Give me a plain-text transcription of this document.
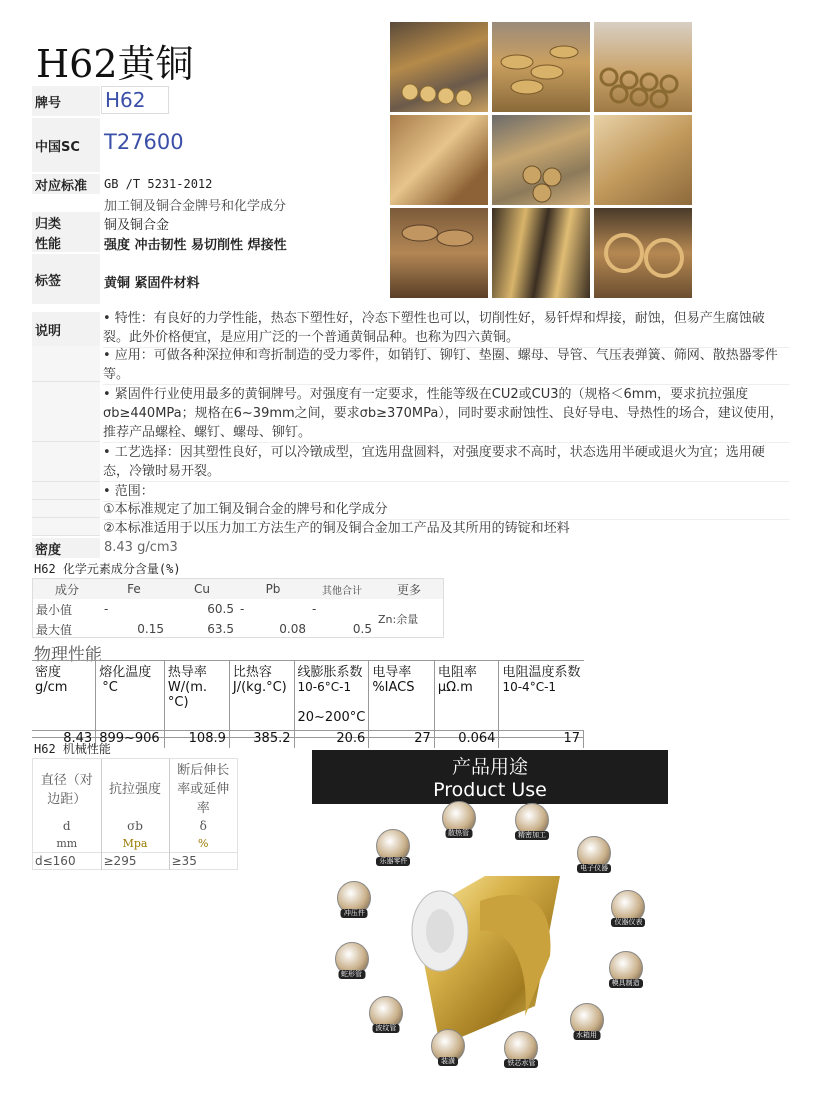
H62黄铜
牌号	H62
中国SC	T27600
对应标准	GB /T 5231-2012
加工铜及铜合金牌号和化学成分
归类	铜及铜合金
性能	强度 冲击韧性 易切削性 焊接性
标签	黄铜 紧固件材料
说明
• 特性：有良好的力学性能，热态下塑性好，冷态下塑性也可以，切削性好，易钎焊和焊接，耐蚀，但易产生腐蚀破裂。此外价格便宜，是应用广泛的一个普通黄铜品种。也称为四六黄铜。
• 应用：可做各种深拉伸和弯折制造的受力零件，如销钉、铆钉、垫圈、螺母、导管、气压表弹簧、筛网、散热器零件等。
• 紧固件行业使用最多的黄铜牌号。对强度有一定要求，性能等级在CU2或CU3的（规格＜6mm，要求抗拉强度σb≥440MPa；规格在6~39mm之间，要求σb≥370MPa），同时要求耐蚀性、良好导电、导热性的场合，建议使用，推荐产品螺栓、螺钉、螺母、铆钉。
• 工艺选择：因其塑性良好，可以冷镦成型，宜选用盘圆料，对强度要求不高时，状态选用半硬或退火为宜；选用硬态，冷镦时易开裂。
• 范围：
①本标准规定了加工铜及铜合金的牌号和化学成分
②本标准适用于以压力加工方法生产的铜及铜合金加工产品及其所用的铸锭和坯料
密度	8.43 g/cm3
H62 化学元素成分含量(%)
成分	Fe	Cu	Pb	其他合计	更多
最小值	-	60.5	-	-	Zn:余量
最大值	0.15	63.5	0.08	0.5	
物理性能
密度	熔化温度	热导率	比热容	线膨胀系数	电导率	电阻率	电阻温度系数
g/cm	°C	W/(m.°C)	J/(kg.°C)	10-6°C-1	%IACS	μΩ.m	10-4°C-1
				20~200°C			
8.43	899~906	108.9	385.2	20.6	27	0.064	17
H62 机械性能
直径（对边距）	抗拉强度	断后伸长率或延伸率
d	σb	δ
mm	Mpa	%
d≤160	≥295	≥35
产品用途
Product Use
精密加工
电子仪器
仪器仪表
模具制造
水箱用
铁芯水管
装潢
波纹管
蛇形管
冲压件
乐器零件
散热管
